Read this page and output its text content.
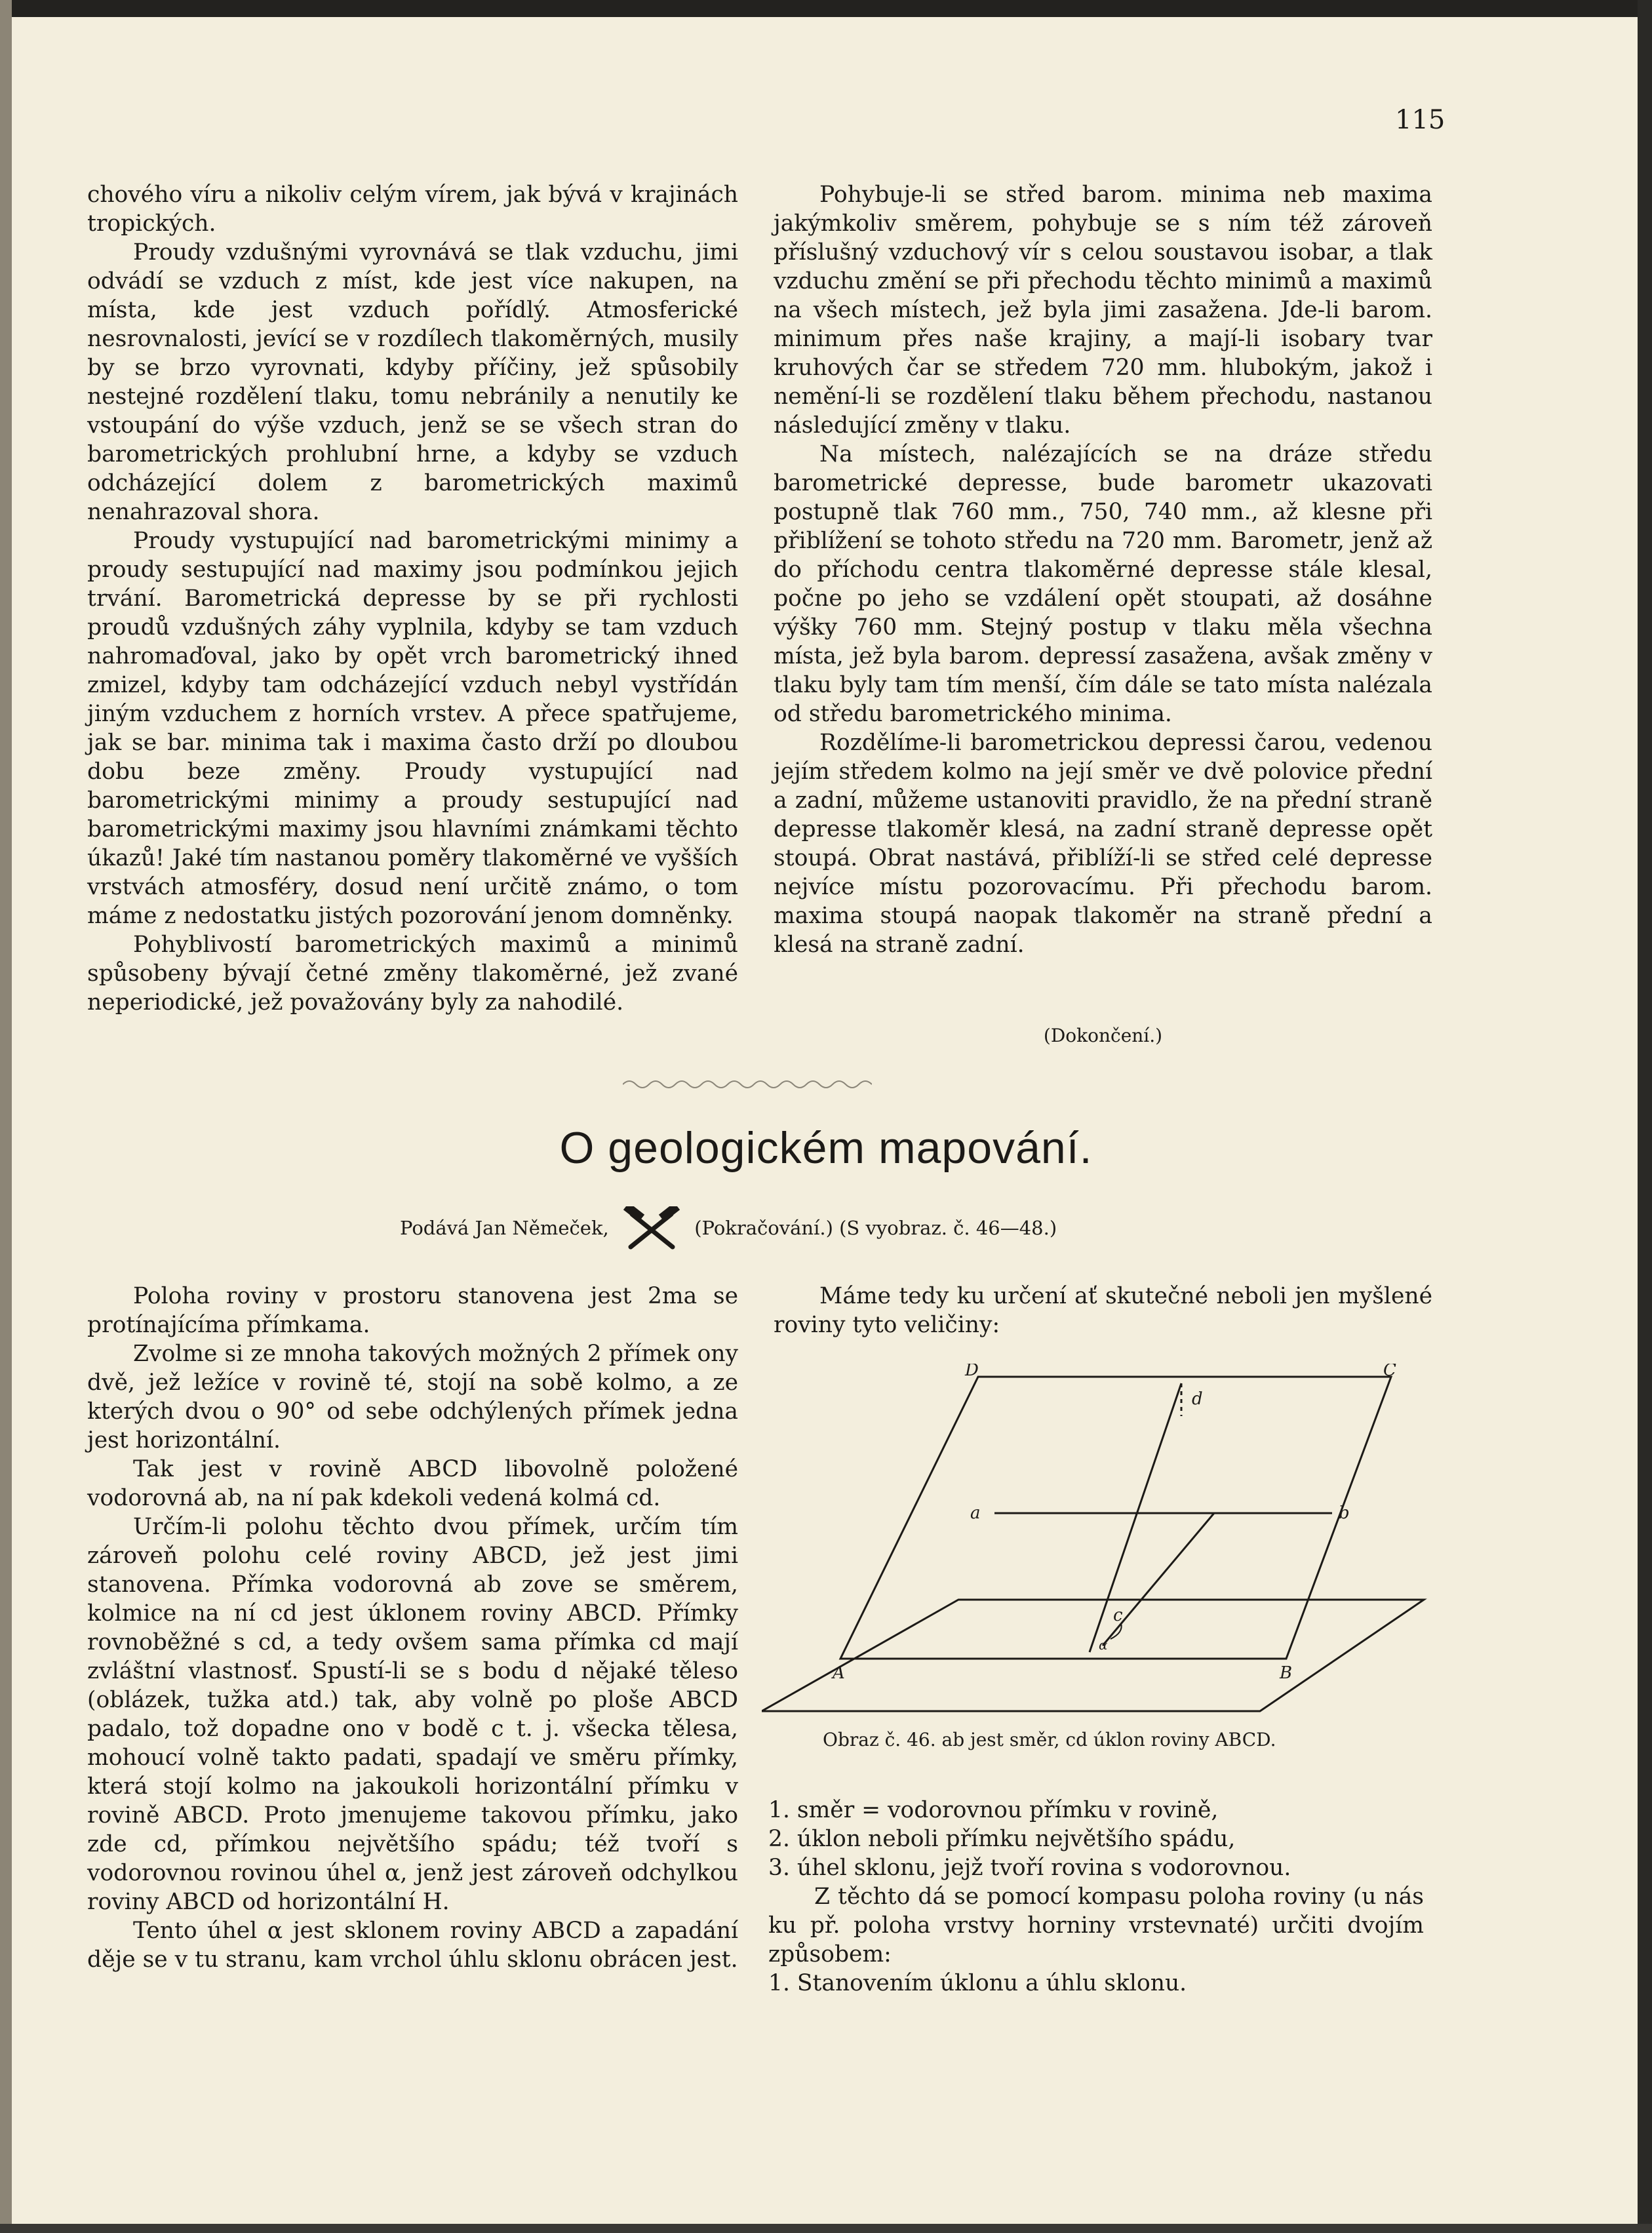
115

chového víru a nikoliv celým vírem, jak bývá v krajinách tropických.

Proudy vzdušnými vyrovnává se tlak vzduchu, jimi odvádí se vzduch z míst, kde jest více nakupen, na místa, kde jest vzduch pořídlý. Atmosferické nesrovnalosti, jevící se v rozdílech tlakoměrných, musily by se brzo vyrovnati, kdyby příčiny, jež spůsobily nestejné rozdělení tlaku, tomu nebránily a nenutily ke vstoupání do výše vzduch, jenž se se všech stran do barometrických prohlubní hrne, a kdyby se vzduch odcházející dolem z barometrických maximů nenahrazoval shora.

Proudy vystupující nad barometrickými minimy a proudy sestupující nad maximy jsou podmínkou jejich trvání. Barometrická depresse by se při rychlosti proudů vzdušných záhy vyplnila, kdyby se tam vzduch nahromaďoval, jako by opět vrch barometrický ihned zmizel, kdyby tam odcházející vzduch nebyl vystřídán jiným vzduchem z horních vrstev. A přece spatřujeme, jak se bar. minima tak i maxima často drží po dloubou dobu beze změny. Proudy vystupující nad barometrickými minimy a proudy sestupující nad barometrickými maximy jsou hlavními známkami těchto úkazů! Jaké tím nastanou poměry tlakoměrné ve vyšších vrstvách atmosféry, dosud není určitě známo, o tom máme z nedostatku jistých pozorování jenom domněnky.

Pohyblivostí barometrických maximů a minimů spůsobeny bývají četné změny tlakoměrné, jež zvané neperiodické, jež považovány byly za nahodilé.

Pohybuje-li se střed barom. minima neb maxima jakýmkoliv směrem, pohybuje se s ním též zároveň příslušný vzduchový vír s celou soustavou isobar, a tlak vzduchu změní se při přechodu těchto minimů a maximů na všech místech, jež byla jimi zasažena. Jde-li barom. minimum přes naše krajiny, a mají-li isobary tvar kruhových čar se středem 720 mm. hlubokým, jakož i nemění-li se rozdělení tlaku během přechodu, nastanou následující změny v tlaku.

Na místech, nalézajících se na dráze středu barometrické depresse, bude barometr ukazovati postupně tlak 760 mm., 750, 740 mm., až klesne při přiblížení se tohoto středu na 720 mm. Barometr, jenž až do příchodu centra tlakoměrné depresse stále klesal, počne po jeho se vzdálení opět stoupati, až dosáhne výšky 760 mm. Stejný postup v tlaku měla všechna místa, jež byla barom. depressí zasažena, avšak změny v tlaku byly tam tím menší, čím dále se tato místa nalézala od středu barometrického minima.

Rozdělíme-li barometrickou depressi čarou, vedenou jejím středem kolmo na její směr ve dvě polovice přední a zadní, můžeme ustanoviti pravidlo, že na přední straně depresse tlakoměr klesá, na zadní straně depresse opět stoupá. Obrat nastává, přiblíží-li se střed celé depresse nejvíce místu pozorovacímu. Při přechodu barom. maxima stoupá naopak tlakoměr na straně přední a klesá na straně zadní.

(Dokončení.)
O geologickém mapování.
Podává Jan Němeček,	(Pokračování.) (S vyobraz. č. 46—48.)

Poloha roviny v prostoru stanovena jest 2ma se protínajícíma přímkama.

Zvolme si ze mnoha takových možných 2 přímek ony dvě, jež ležíce v rovině té, stojí na sobě kolmo, a ze kterých dvou o 90° od sebe odchýlených přímek jedna jest horizontální.

Tak jest v rovině ABCD libovolně položené vodorovná ab, na ní pak kdekoli vedená kolmá cd.

Určím-li polohu těchto dvou přímek, určím tím zároveň polohu celé roviny ABCD, jež jest jimi stanovena. Přímka vodorovná ab zove se směrem, kolmice na ní cd jest úklonem roviny ABCD. Přímky rovnoběžné s cd, a tedy ovšem sama přímka cd mají zvláštní vlastnosť. Spustí-li se s bodu d nějaké těleso (oblázek, tužka atd.) tak, aby volně po ploše ABCD padalo, tož dopadne ono v bodě c t. j. všecka tělesa, mohoucí volně takto padati, spadají ve směru přímky, která stojí kolmo na jakoukoli horizontální přímku v rovině ABCD. Proto jmenujeme takovou přímku, jako zde cd, přímkou největšího spádu; též tvoří s vodorovnou rovinou úhel α, jenž jest zároveň odchylkou roviny ABCD od horizontální H.

Tento úhel α jest sklonem roviny ABCD a zapadání děje se v tu stranu, kam vrchol úhlu sklonu obrácen jest.

Máme tedy ku určení ať skutečné neboli jen myšlené roviny tyto veličiny:

D	C
A	B
a	b
d
c
α
Obraz č. 46. ab jest směr, cd úklon roviny ABCD.

1. směr = vodorovnou přímku v rovině,

2. úklon neboli přímku největšího spádu,

3. úhel sklonu, jejž tvoří rovina s vodorovnou.

Z těchto dá se pomocí kompasu poloha roviny (u nás ku př. poloha vrstvy horniny vrstevnaté) určiti dvojím způsobem:

1. Stanovením úklonu a úhlu sklonu.
